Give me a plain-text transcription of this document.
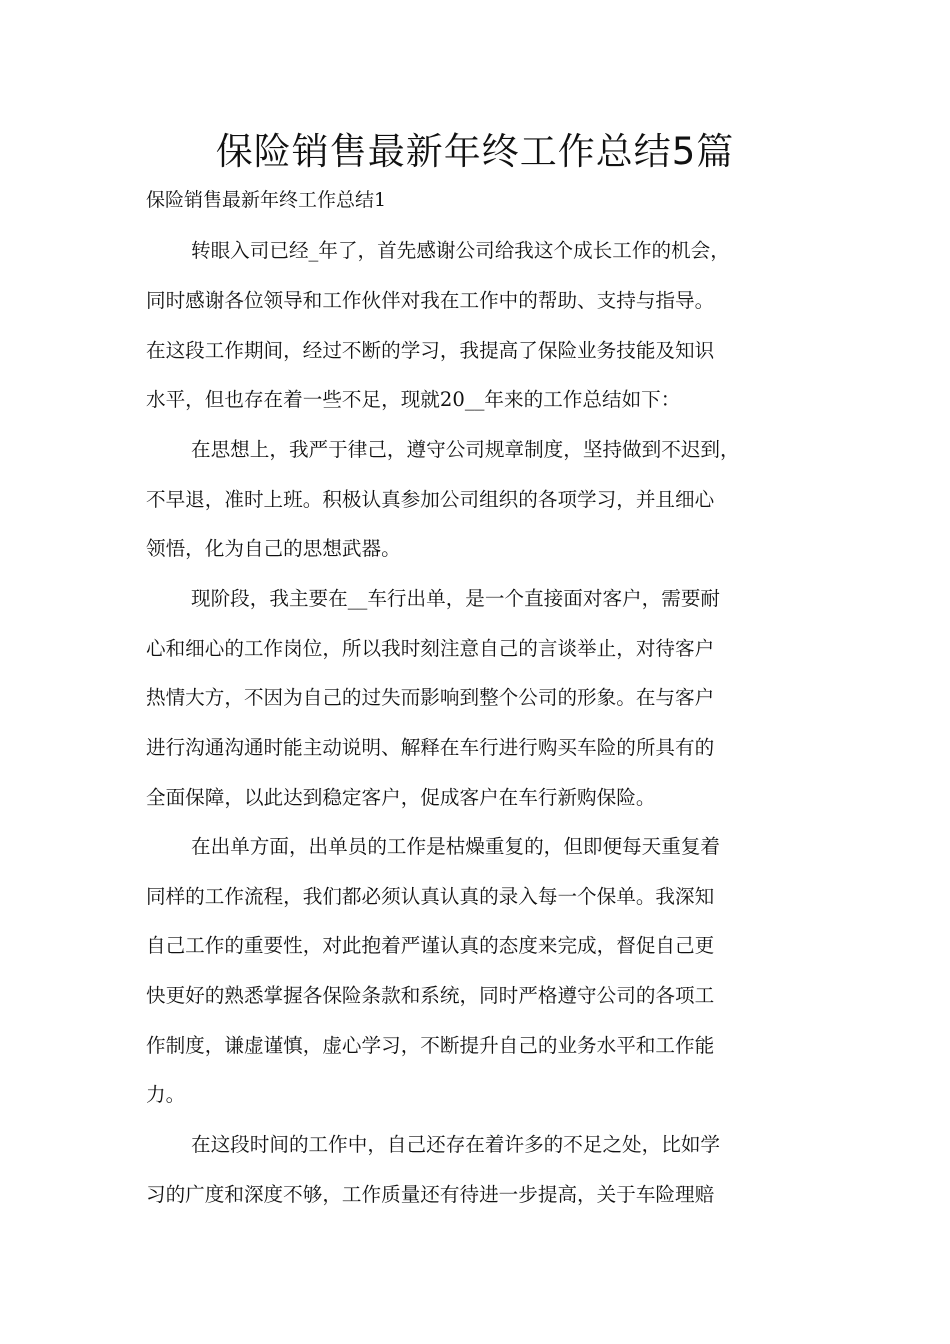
保险销售最新年终工作总结5篇

保险销售最新年终工作总结1

转眼入司已经_年了，首先感谢公司给我这个成长工作的机会，

同时感谢各位领导和工作伙伴对我在工作中的帮助、支持与指导。

在这段工作期间，经过不断的学习，我提高了保险业务技能及知识

水平，但也存在着一些不足，现就20__年来的工作总结如下：

在思想上，我严于律己，遵守公司规章制度，坚持做到不迟到，

不早退，准时上班。积极认真参加公司组织的各项学习，并且细心

领悟，化为自己的思想武器。

现阶段，我主要在__车行出单，是一个直接面对客户，需要耐

心和细心的工作岗位，所以我时刻注意自己的言谈举止，对待客户

热情大方，不因为自己的过失而影响到整个公司的形象。在与客户

进行沟通沟通时能主动说明、解释在车行进行购买车险的所具有的

全面保障，以此达到稳定客户，促成客户在车行新购保险。

在出单方面，出单员的工作是枯燥重复的，但即便每天重复着

同样的工作流程，我们都必须认真认真的录入每一个保单。我深知

自己工作的重要性，对此抱着严谨认真的态度来完成，督促自己更

快更好的熟悉掌握各保险条款和系统，同时严格遵守公司的各项工

作制度，谦虚谨慎，虚心学习，不断提升自己的业务水平和工作能

力。

在这段时间的工作中，自己还存在着许多的不足之处，比如学

习的广度和深度不够，工作质量还有待进一步提高，关于车险理赔
